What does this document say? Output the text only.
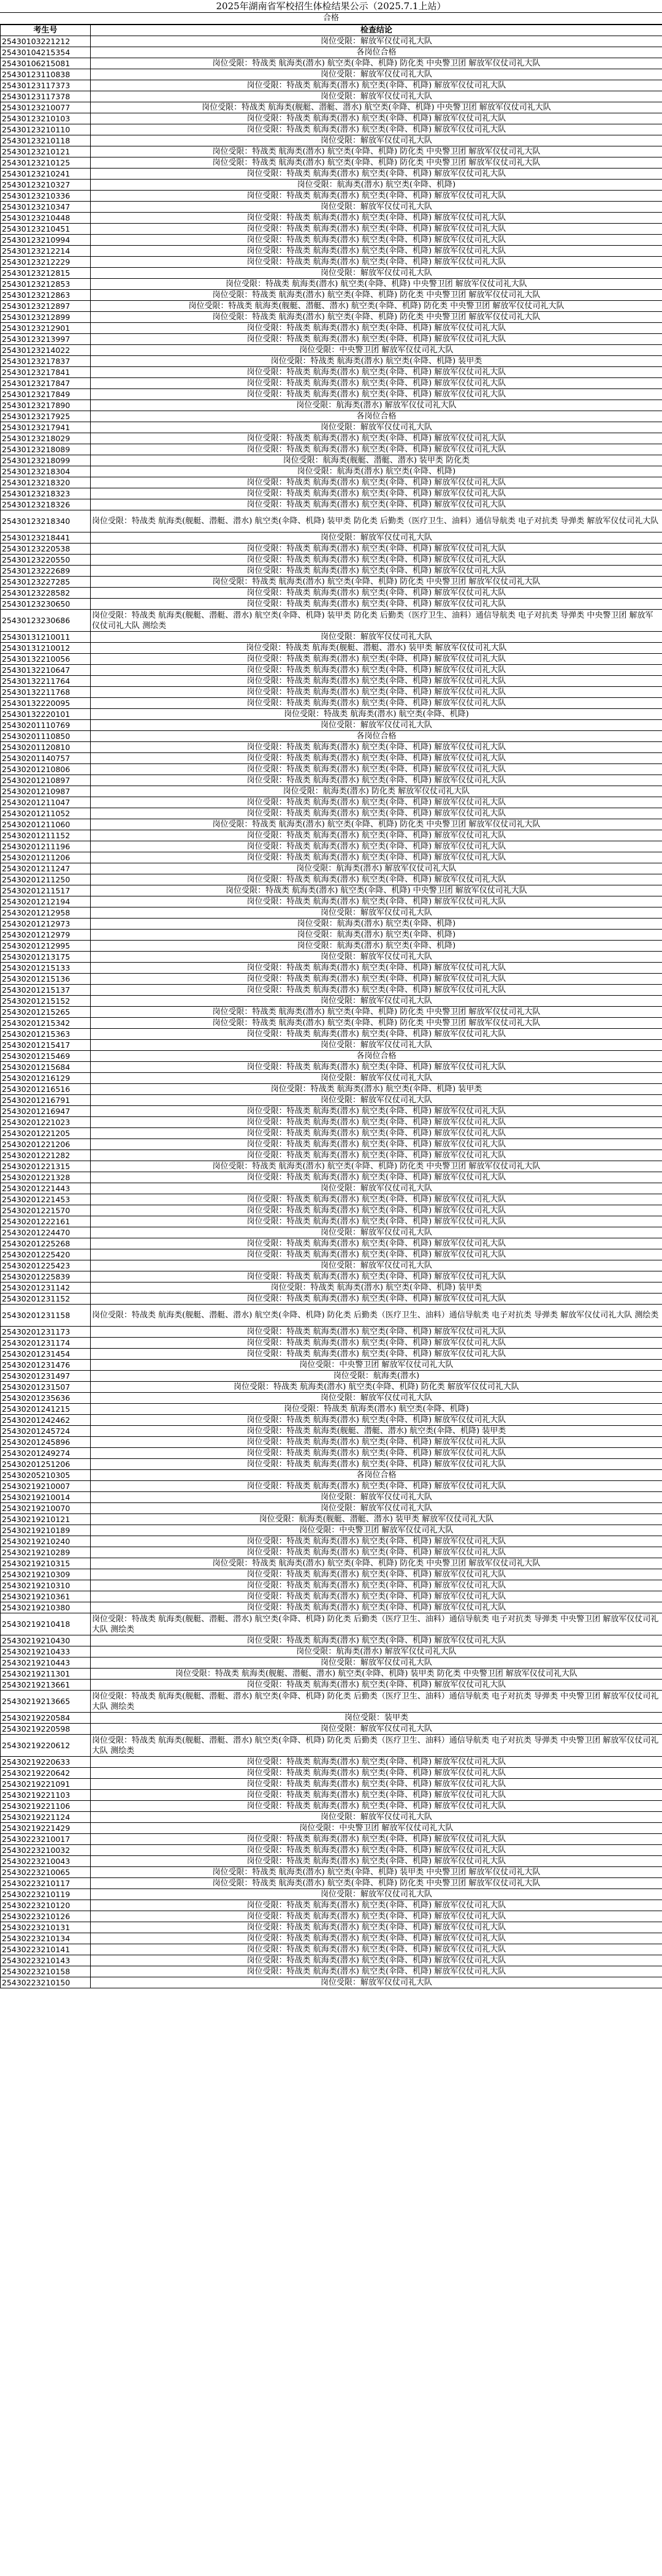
2025年湖南省军校招生体检结果公示（2025.7.1上站）
合格
考生号	检查结论
25430103221212	岗位受限：解放军仪仗司礼大队
25430104215354	各岗位合格
25430106215081	岗位受限：特战类 航海类(潜水) 航空类(伞降、机降) 防化类 中央警卫团 解放军仪仗司礼大队
25430123110838	岗位受限：解放军仪仗司礼大队
25430123117373	岗位受限：特战类 航海类(潜水) 航空类(伞降、机降) 解放军仪仗司礼大队
25430123117378	岗位受限：解放军仪仗司礼大队
25430123210077	岗位受限：特战类 航海类(舰艇、潜艇、潜水) 航空类(伞降、机降) 中央警卫团 解放军仪仗司礼大队
25430123210103	岗位受限：特战类 航海类(潜水) 航空类(伞降、机降) 解放军仪仗司礼大队
25430123210110	岗位受限：特战类 航海类(潜水) 航空类(伞降、机降) 解放军仪仗司礼大队
25430123210118	岗位受限：解放军仪仗司礼大队
25430123210121	岗位受限：特战类 航海类(潜水) 航空类(伞降、机降) 防化类 中央警卫团 解放军仪仗司礼大队
25430123210125	岗位受限：特战类 航海类(潜水) 航空类(伞降、机降) 防化类 中央警卫团 解放军仪仗司礼大队
25430123210241	岗位受限：特战类 航海类(潜水) 航空类(伞降、机降) 解放军仪仗司礼大队
25430123210327	岗位受限：航海类(潜水) 航空类(伞降、机降)
25430123210336	岗位受限：特战类 航海类(潜水) 航空类(伞降、机降) 解放军仪仗司礼大队
25430123210347	岗位受限：解放军仪仗司礼大队
25430123210448	岗位受限：特战类 航海类(潜水) 航空类(伞降、机降) 解放军仪仗司礼大队
25430123210451	岗位受限：特战类 航海类(潜水) 航空类(伞降、机降) 解放军仪仗司礼大队
25430123210994	岗位受限：特战类 航海类(潜水) 航空类(伞降、机降) 解放军仪仗司礼大队
25430123212214	岗位受限：特战类 航海类(潜水) 航空类(伞降、机降) 解放军仪仗司礼大队
25430123212229	岗位受限：特战类 航海类(潜水) 航空类(伞降、机降) 解放军仪仗司礼大队
25430123212815	岗位受限：解放军仪仗司礼大队
25430123212853	岗位受限：特战类 航海类(潜水) 航空类(伞降、机降) 中央警卫团 解放军仪仗司礼大队
25430123212863	岗位受限：特战类 航海类(潜水) 航空类(伞降、机降) 防化类 中央警卫团 解放军仪仗司礼大队
25430123212897	岗位受限：特战类 航海类(舰艇、潜艇、潜水) 航空类(伞降、机降) 防化类 中央警卫团 解放军仪仗司礼大队
25430123212899	岗位受限：特战类 航海类(潜水) 航空类(伞降、机降) 防化类 中央警卫团 解放军仪仗司礼大队
25430123212901	岗位受限：特战类 航海类(潜水) 航空类(伞降、机降) 解放军仪仗司礼大队
25430123213997	岗位受限：特战类 航海类(潜水) 航空类(伞降、机降) 解放军仪仗司礼大队
25430123214022	岗位受限：中央警卫团 解放军仪仗司礼大队
25430123217837	岗位受限：特战类 航海类(潜水) 航空类(伞降、机降) 装甲类
25430123217841	岗位受限：特战类 航海类(潜水) 航空类(伞降、机降) 解放军仪仗司礼大队
25430123217847	岗位受限：特战类 航海类(潜水) 航空类(伞降、机降) 解放军仪仗司礼大队
25430123217849	岗位受限：特战类 航海类(潜水) 航空类(伞降、机降) 解放军仪仗司礼大队
25430123217890	岗位受限：航海类(潜水) 解放军仪仗司礼大队
25430123217925	各岗位合格
25430123217941	岗位受限：解放军仪仗司礼大队
25430123218029	岗位受限：特战类 航海类(潜水) 航空类(伞降、机降) 解放军仪仗司礼大队
25430123218089	岗位受限：特战类 航海类(潜水) 航空类(伞降、机降) 解放军仪仗司礼大队
25430123218099	岗位受限：航海类(舰艇、潜艇、潜水) 装甲类 防化类
25430123218304	岗位受限：航海类(潜水) 航空类(伞降、机降)
25430123218320	岗位受限：特战类 航海类(潜水) 航空类(伞降、机降) 解放军仪仗司礼大队
25430123218323	岗位受限：特战类 航海类(潜水) 航空类(伞降、机降) 解放军仪仗司礼大队
25430123218326	岗位受限：特战类 航海类(潜水) 航空类(伞降、机降) 解放军仪仗司礼大队
25430123218340	岗位受限：特战类 航海类(舰艇、潜艇、潜水) 航空类(伞降、机降) 装甲类 防化类 后勤类（医疗卫生、油料）通信导航类 电子对抗类 导弹类 解放军仪仗司礼大队
25430123218441	岗位受限：解放军仪仗司礼大队
25430123220538	岗位受限：特战类 航海类(潜水) 航空类(伞降、机降) 解放军仪仗司礼大队
25430123220550	岗位受限：特战类 航海类(潜水) 航空类(伞降、机降) 解放军仪仗司礼大队
25430123222689	岗位受限：特战类 航海类(潜水) 航空类(伞降、机降) 解放军仪仗司礼大队
25430123227285	岗位受限：特战类 航海类(潜水) 航空类(伞降、机降) 防化类 中央警卫团 解放军仪仗司礼大队
25430123228582	岗位受限：特战类 航海类(潜水) 航空类(伞降、机降) 解放军仪仗司礼大队
25430123230650	岗位受限：特战类 航海类(潜水) 航空类(伞降、机降) 解放军仪仗司礼大队
25430123230686	岗位受限：特战类 航海类(舰艇、潜艇、潜水) 航空类(伞降、机降) 装甲类 防化类 后勤类（医疗卫生、油料）通信导航类 电子对抗类 导弹类 中央警卫团 解放军仪仗司礼大队 测绘类
25430131210011	岗位受限：解放军仪仗司礼大队
25430131210012	岗位受限：特战类 航海类(舰艇、潜艇、潜水) 装甲类 解放军仪仗司礼大队
25430132210056	岗位受限：特战类 航海类(潜水) 航空类(伞降、机降) 解放军仪仗司礼大队
25430132210647	岗位受限：特战类 航海类(潜水) 航空类(伞降、机降) 解放军仪仗司礼大队
25430132211764	岗位受限：特战类 航海类(潜水) 航空类(伞降、机降) 解放军仪仗司礼大队
25430132211768	岗位受限：特战类 航海类(潜水) 航空类(伞降、机降) 解放军仪仗司礼大队
25430132220095	岗位受限：特战类 航海类(潜水) 航空类(伞降、机降) 解放军仪仗司礼大队
25430132220101	岗位受限：特战类 航海类(潜水) 航空类(伞降、机降)
25430201110769	岗位受限：解放军仪仗司礼大队
25430201110850	各岗位合格
25430201120810	岗位受限：特战类 航海类(潜水) 航空类(伞降、机降) 解放军仪仗司礼大队
25430201140757	岗位受限：特战类 航海类(潜水) 航空类(伞降、机降) 解放军仪仗司礼大队
25430201210806	岗位受限：特战类 航海类(潜水) 航空类(伞降、机降) 解放军仪仗司礼大队
25430201210897	岗位受限：特战类 航海类(潜水) 航空类(伞降、机降) 解放军仪仗司礼大队
25430201210987	岗位受限：航海类(潜水) 防化类 解放军仪仗司礼大队
25430201211047	岗位受限：特战类 航海类(潜水) 航空类(伞降、机降) 解放军仪仗司礼大队
25430201211052	岗位受限：特战类 航海类(潜水) 航空类(伞降、机降) 解放军仪仗司礼大队
25430201211060	岗位受限：特战类 航海类(潜水) 航空类(伞降、机降) 防化类 中央警卫团 解放军仪仗司礼大队
25430201211152	岗位受限：特战类 航海类(潜水) 航空类(伞降、机降) 解放军仪仗司礼大队
25430201211196	岗位受限：特战类 航海类(潜水) 航空类(伞降、机降) 解放军仪仗司礼大队
25430201211206	岗位受限：特战类 航海类(潜水) 航空类(伞降、机降) 解放军仪仗司礼大队
25430201211247	岗位受限：航海类(潜水) 解放军仪仗司礼大队
25430201211250	岗位受限：特战类 航海类(潜水) 航空类(伞降、机降) 解放军仪仗司礼大队
25430201211517	岗位受限：特战类 航海类(潜水) 航空类(伞降、机降) 中央警卫团 解放军仪仗司礼大队
25430201212194	岗位受限：特战类 航海类(潜水) 航空类(伞降、机降) 解放军仪仗司礼大队
25430201212958	岗位受限：解放军仪仗司礼大队
25430201212973	岗位受限：航海类(潜水) 航空类(伞降、机降)
25430201212979	岗位受限：航海类(潜水) 航空类(伞降、机降)
25430201212995	岗位受限：航海类(潜水) 航空类(伞降、机降)
25430201213175	岗位受限：解放军仪仗司礼大队
25430201215133	岗位受限：特战类 航海类(潜水) 航空类(伞降、机降) 解放军仪仗司礼大队
25430201215136	岗位受限：特战类 航海类(潜水) 航空类(伞降、机降) 解放军仪仗司礼大队
25430201215137	岗位受限：特战类 航海类(潜水) 航空类(伞降、机降) 解放军仪仗司礼大队
25430201215152	岗位受限：解放军仪仗司礼大队
25430201215265	岗位受限：特战类 航海类(潜水) 航空类(伞降、机降) 防化类 中央警卫团 解放军仪仗司礼大队
25430201215342	岗位受限：特战类 航海类(潜水) 航空类(伞降、机降) 防化类 中央警卫团 解放军仪仗司礼大队
25430201215363	岗位受限：特战类 航海类(潜水) 航空类(伞降、机降) 解放军仪仗司礼大队
25430201215417	岗位受限：解放军仪仗司礼大队
25430201215469	各岗位合格
25430201215684	岗位受限：特战类 航海类(潜水) 航空类(伞降、机降) 解放军仪仗司礼大队
25430201216129	岗位受限：解放军仪仗司礼大队
25430201216516	岗位受限：特战类 航海类(潜水) 航空类(伞降、机降) 装甲类
25430201216791	岗位受限：解放军仪仗司礼大队
25430201216947	岗位受限：特战类 航海类(潜水) 航空类(伞降、机降) 解放军仪仗司礼大队
25430201221023	岗位受限：特战类 航海类(潜水) 航空类(伞降、机降) 解放军仪仗司礼大队
25430201221205	岗位受限：特战类 航海类(潜水) 航空类(伞降、机降) 解放军仪仗司礼大队
25430201221206	岗位受限：特战类 航海类(潜水) 航空类(伞降、机降) 解放军仪仗司礼大队
25430201221282	岗位受限：特战类 航海类(潜水) 航空类(伞降、机降) 解放军仪仗司礼大队
25430201221315	岗位受限：特战类 航海类(潜水) 航空类(伞降、机降) 防化类 中央警卫团 解放军仪仗司礼大队
25430201221328	岗位受限：特战类 航海类(潜水) 航空类(伞降、机降) 解放军仪仗司礼大队
25430201221443	岗位受限：解放军仪仗司礼大队
25430201221453	岗位受限：特战类 航海类(潜水) 航空类(伞降、机降) 解放军仪仗司礼大队
25430201221570	岗位受限：特战类 航海类(潜水) 航空类(伞降、机降) 解放军仪仗司礼大队
25430201222161	岗位受限：特战类 航海类(潜水) 航空类(伞降、机降) 解放军仪仗司礼大队
25430201224470	岗位受限：解放军仪仗司礼大队
25430201225268	岗位受限：特战类 航海类(潜水) 航空类(伞降、机降) 解放军仪仗司礼大队
25430201225420	岗位受限：特战类 航海类(潜水) 航空类(伞降、机降) 解放军仪仗司礼大队
25430201225423	岗位受限：解放军仪仗司礼大队
25430201225839	岗位受限：特战类 航海类(潜水) 航空类(伞降、机降) 解放军仪仗司礼大队
25430201231142	岗位受限：特战类 航海类(潜水) 航空类(伞降、机降) 装甲类
25430201231152	岗位受限：特战类 航海类(潜水) 航空类(伞降、机降) 解放军仪仗司礼大队
25430201231158	岗位受限：特战类 航海类(舰艇、潜艇、潜水) 航空类(伞降、机降) 防化类 后勤类（医疗卫生、油料）通信导航类 电子对抗类 导弹类 解放军仪仗司礼大队 测绘类
25430201231173	岗位受限：特战类 航海类(潜水) 航空类(伞降、机降) 解放军仪仗司礼大队
25430201231174	岗位受限：特战类 航海类(潜水) 航空类(伞降、机降) 解放军仪仗司礼大队
25430201231454	岗位受限：特战类 航海类(潜水) 航空类(伞降、机降) 解放军仪仗司礼大队
25430201231476	岗位受限：中央警卫团 解放军仪仗司礼大队
25430201231497	岗位受限：航海类(潜水)
25430201231507	岗位受限：特战类 航海类(潜水) 航空类(伞降、机降) 防化类 解放军仪仗司礼大队
25430201235636	岗位受限：解放军仪仗司礼大队
25430201241215	岗位受限：特战类 航海类(潜水) 航空类(伞降、机降)
25430201242462	岗位受限：特战类 航海类(潜水) 航空类(伞降、机降) 解放军仪仗司礼大队
25430201245724	岗位受限：特战类 航海类(舰艇、潜艇、潜水) 航空类(伞降、机降) 装甲类
25430201245896	岗位受限：特战类 航海类(潜水) 航空类(伞降、机降) 解放军仪仗司礼大队
25430201249274	岗位受限：特战类 航海类(潜水) 航空类(伞降、机降) 解放军仪仗司礼大队
25430201251206	岗位受限：特战类 航海类(潜水) 航空类(伞降、机降) 解放军仪仗司礼大队
25430205210305	各岗位合格
25430219210007	岗位受限：特战类 航海类(潜水) 航空类(伞降、机降) 解放军仪仗司礼大队
25430219210014	岗位受限：解放军仪仗司礼大队
25430219210070	岗位受限：解放军仪仗司礼大队
25430219210121	岗位受限：航海类(舰艇、潜艇、潜水) 装甲类 解放军仪仗司礼大队
25430219210189	岗位受限：中央警卫团 解放军仪仗司礼大队
25430219210240	岗位受限：特战类 航海类(潜水) 航空类(伞降、机降) 解放军仪仗司礼大队
25430219210289	岗位受限：特战类 航海类(潜水) 航空类(伞降、机降) 解放军仪仗司礼大队
25430219210315	岗位受限：特战类 航海类(潜水) 航空类(伞降、机降) 防化类 中央警卫团 解放军仪仗司礼大队
25430219210309	岗位受限：特战类 航海类(潜水) 航空类(伞降、机降) 解放军仪仗司礼大队
25430219210310	岗位受限：特战类 航海类(潜水) 航空类(伞降、机降) 解放军仪仗司礼大队
25430219210361	岗位受限：特战类 航海类(潜水) 航空类(伞降、机降) 解放军仪仗司礼大队
25430219210380	岗位受限：特战类 航海类(潜水) 航空类(伞降、机降) 解放军仪仗司礼大队
25430219210418	岗位受限：特战类 航海类(舰艇、潜艇、潜水) 航空类(伞降、机降) 防化类 后勤类（医疗卫生、油料）通信导航类 电子对抗类 导弹类 中央警卫团 解放军仪仗司礼大队 测绘类
25430219210430	岗位受限：特战类 航海类(潜水) 航空类(伞降、机降) 解放军仪仗司礼大队
25430219210433	岗位受限：航海类(潜水) 解放军仪仗司礼大队
25430219210443	岗位受限：解放军仪仗司礼大队
25430219211301	岗位受限：特战类 航海类(舰艇、潜艇、潜水) 航空类(伞降、机降) 装甲类 防化类 中央警卫团 解放军仪仗司礼大队
25430219213661	岗位受限：特战类 航海类(潜水) 航空类(伞降、机降) 解放军仪仗司礼大队
25430219213665	岗位受限：特战类 航海类(舰艇、潜艇、潜水) 航空类(伞降、机降) 防化类 后勤类（医疗卫生、油料）通信导航类 电子对抗类 导弹类 中央警卫团 解放军仪仗司礼大队 测绘类
25430219220584	岗位受限：装甲类
25430219220598	岗位受限：解放军仪仗司礼大队
25430219220612	岗位受限：特战类 航海类(舰艇、潜艇、潜水) 航空类(伞降、机降) 防化类 后勤类（医疗卫生、油料）通信导航类 电子对抗类 导弹类 中央警卫团 解放军仪仗司礼大队 测绘类
25430219220633	岗位受限：特战类 航海类(潜水) 航空类(伞降、机降) 解放军仪仗司礼大队
25430219220642	岗位受限：特战类 航海类(潜水) 航空类(伞降、机降) 解放军仪仗司礼大队
25430219221091	岗位受限：特战类 航海类(潜水) 航空类(伞降、机降) 解放军仪仗司礼大队
25430219221103	岗位受限：特战类 航海类(潜水) 航空类(伞降、机降) 解放军仪仗司礼大队
25430219221106	岗位受限：特战类 航海类(潜水) 航空类(伞降、机降) 解放军仪仗司礼大队
25430219221124	岗位受限：解放军仪仗司礼大队
25430219221429	岗位受限：中央警卫团 解放军仪仗司礼大队
25430223210017	岗位受限：特战类 航海类(潜水) 航空类(伞降、机降) 解放军仪仗司礼大队
25430223210032	岗位受限：特战类 航海类(潜水) 航空类(伞降、机降) 解放军仪仗司礼大队
25430223210043	岗位受限：特战类 航海类(潜水) 航空类(伞降、机降) 解放军仪仗司礼大队
25430223210065	岗位受限：特战类 航海类(潜水) 航空类(伞降、机降) 装甲类 中央警卫团 解放军仪仗司礼大队
25430223210117	岗位受限：特战类 航海类(潜水) 航空类(伞降、机降) 防化类 中央警卫团 解放军仪仗司礼大队
25430223210119	岗位受限：解放军仪仗司礼大队
25430223210120	岗位受限：特战类 航海类(潜水) 航空类(伞降、机降) 解放军仪仗司礼大队
25430223210126	岗位受限：特战类 航海类(潜水) 航空类(伞降、机降) 解放军仪仗司礼大队
25430223210131	岗位受限：特战类 航海类(潜水) 航空类(伞降、机降) 解放军仪仗司礼大队
25430223210134	岗位受限：特战类 航海类(潜水) 航空类(伞降、机降) 解放军仪仗司礼大队
25430223210141	岗位受限：特战类 航海类(潜水) 航空类(伞降、机降) 解放军仪仗司礼大队
25430223210143	岗位受限：特战类 航海类(潜水) 航空类(伞降、机降) 解放军仪仗司礼大队
25430223210158	岗位受限：特战类 航海类(潜水) 航空类(伞降、机降) 解放军仪仗司礼大队
25430223210150	岗位受限：解放军仪仗司礼大队
